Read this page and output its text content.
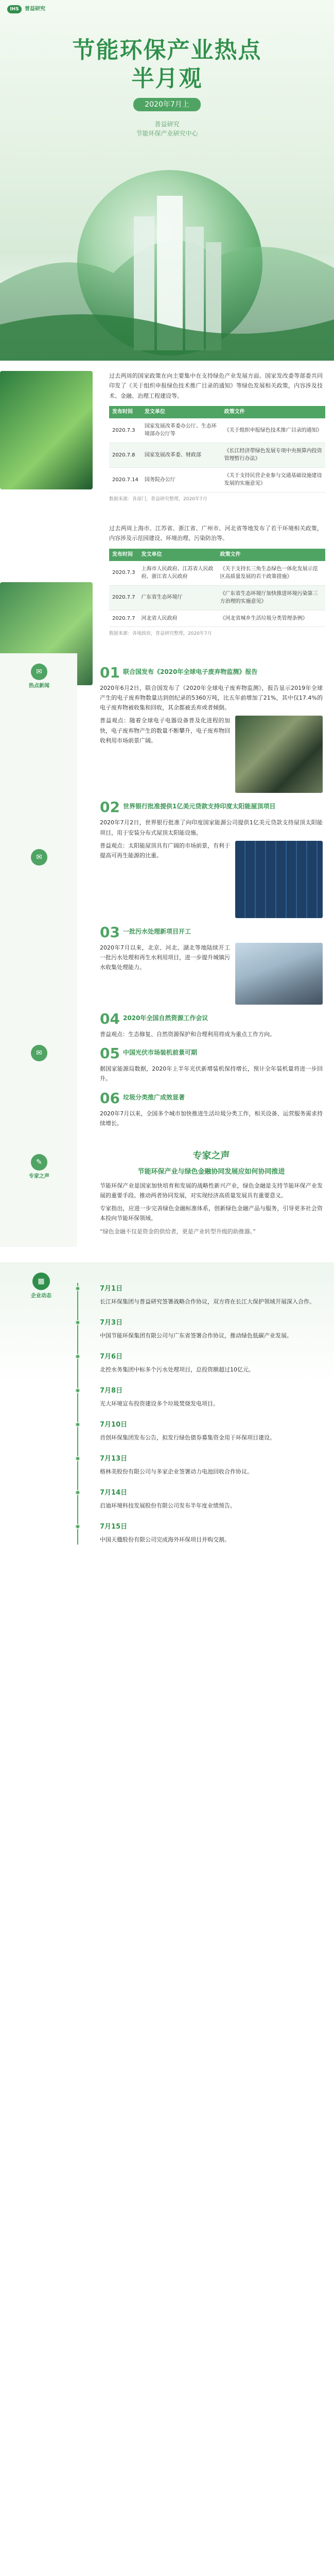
IHS	普益研究
节能环保产业热点
半月观
2020年7月上
普益研究
节能环保产业研究中心

过去两周的国家政策在向主要集中在支持绿色产业发展方面。国家发改委等部委共同印发了《关于组织申报绿色技术推广目录的通知》等绿色发展相关政策，内容涉及技术、金融、治理工程建设等。

发布时间	发文单位	政策文件
2020.7.3	国家发展改革委办公厅、生态环境部办公厅等	《关于组织申报绿色技术推广目录的通知》
2020.7.8	国家发展改革委、财政部	《长江经济带绿色发展专项中央预算内投资管理暂行办法》
2020.7.14	国务院办公厅	《关于支持民营企业参与交通基础设施建设发展的实施意见》

数据来源：各部门，普益研究整理，2020年7月

过去两周上海市、江苏省、浙江省、广州市、河北省等地发布了若干环境相关政策，内容涉及示范园建设、环境治理、污染防治等。

发布时间	发文单位	政策文件
2020.7.3	上海市人民政府、江苏省人民政府、浙江省人民政府	《关于支持长三角生态绿色一体化发展示范区高质量发展的若干政策措施》
2020.7.7	广东省生态环境厅	《广东省生态环境厅加快推进环境污染第三方治理的实施意见》
2020.7.7	河北省人民政府	《河北省城乡生活垃圾分类管理条例》

数据来源：各地政府，普益研究整理，2020年7月

✉
热点新闻
✉
✉
01 联合国发布《2020年全球电子废弃物监测》报告

2020年6月2日，联合国发布了《2020年全球电子废弃物监测》，报告显示2019年全球产生的电子废弃物数量达到创纪录的5360万吨，比五年前增加了21%，其中仅17.4%的电子废弃物被收集和回收，其余都被丢弃或者倾倒。

普益观点：随着全球电子电器设备普及化进程的加快，电子废弃物产生的数量不断攀升，电子废弃物回收利用市场前景广阔。

02 世界银行批准提供1亿美元贷款支持印度太阳能屋顶项目

2020年7月2日，世界银行批准了向印度国家能源公司提供1亿美元贷款支持屋顶太阳能项目，用于安装分布式屋顶太阳能设施。

普益观点：太阳能屋顶具有广阔的市场前景，有利于提高可再生能源的比重。

03 一批污水处理新项目开工

2020年7月以来，北京、河北、湖北等地陆续开工一批污水处理和再生水利用项目，进一步提升城镇污水收集处理能力。

04 2020年全国自然资源工作会议

普益观点：生态修复、自然资源保护和合理利用将成为重点工作方向。

05 中国光伏市场装机前景可期

据国家能源局数据，2020年上半年光伏新增装机保持增长，预计全年装机量将进一步回升。

06 垃圾分类推广成效显著

2020年7月以来，全国多个城市加快推进生活垃圾分类工作，相关设备、运营服务需求持续增长。

✎
专家之声
专家之声

节能环保产业与绿色金融协同发展应如何协同推进

节能环保产业是国家加快培育和发展的战略性新兴产业，绿色金融是支持节能环保产业发展的重要手段。推动两者协同发展，对实现经济高质量发展具有重要意义。

专家指出，应进一步完善绿色金融标准体系，创新绿色金融产品与服务，引导更多社会资本投向节能环保领域。

“绿色金融不仅是资金的供给者，更是产业转型升级的助推器。”

▦
企业动态
7月1日

长江环保集团与普益研究签署战略合作协议，双方将在长江大保护领域开展深入合作。

7月3日

中国节能环保集团有限公司与广东省签署合作协议，推动绿色低碳产业发展。

7月6日

北控水务集团中标多个污水处理项目，总投资额超过10亿元。

7月8日

光大环境宣布投资建设多个垃圾焚烧发电项目。

7月10日

首创环保集团发布公告，拟发行绿色债券募集资金用于环保项目建设。

7月13日

格林美股份有限公司与多家企业签署动力电池回收合作协议。

7月14日

启迪环境科技发展股份有限公司发布半年度业绩预告。

7月15日

中国天楹股份有限公司完成海外环保项目并购交割。
